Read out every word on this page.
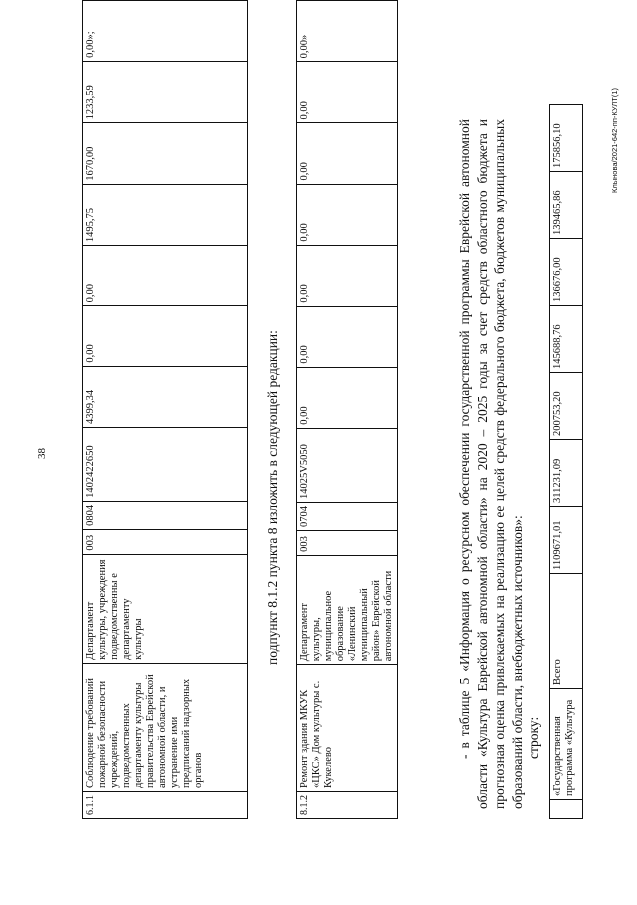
38
6.1.1	Соблюдение требований пожарной безопасности учреждений, подведомственных департаменту культуры правительства Еврейской автономной области, и устранение ими предписаний надзорных органов	Департамент культуры, учреждения подведомственны е департаменту культуры	003	0804	1402422650	4399,34	0,00	0,00	1495,75	1670,00	1233,59	0,00»;
подпункт 8.1.2 пункта 8 изложить в следующей редакции:
8.1.2	Ремонт здания МКУК «ЦКС» Дом культуры с. Кукелево	Департамент культуры, муниципальное образование «Ленинский муниципальный район» Еврейской автономной области	003	0704	14025V5050	0,00	0,00	0,00	0,00	0,00	0,00	0,00»

- в таблице 5 «Информация о ресурсном обеспечении государственной программы Еврейской автономной области «Культура Еврейской автономной области» на 2020 – 2025 годы за счет средств областного бюджета и прогнозная оценка привлекаемых на реализацию ее целей средств федерального бюджета, бюджетов муниципальных образований области, внебюджетных источников»: строку:
	«Государственная программа «Культура	Всего	1109671,01	311231,09	200753,20	145688,76	136676,00	139465,86	175856,10	Клынова/2021-642-пп-КУЛТ(1)
